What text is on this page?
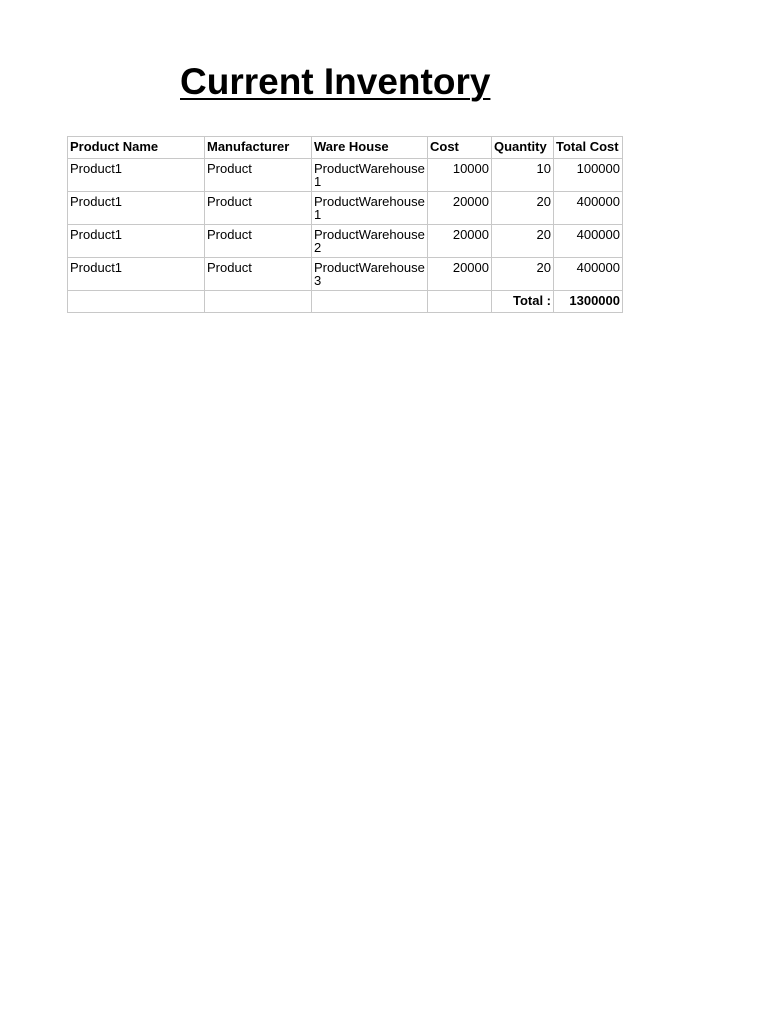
Current Inventory
Product Name	Manufacturer	Ware House	Cost	Quantity	Total Cost
Product1	Product	ProductWarehouse1	10000	10	100000
Product1	Product	ProductWarehouse1	20000	20	400000
Product1	Product	ProductWarehouse2	20000	20	400000
Product1	Product	ProductWarehouse3	20000	20	400000
				Total :	1300000
